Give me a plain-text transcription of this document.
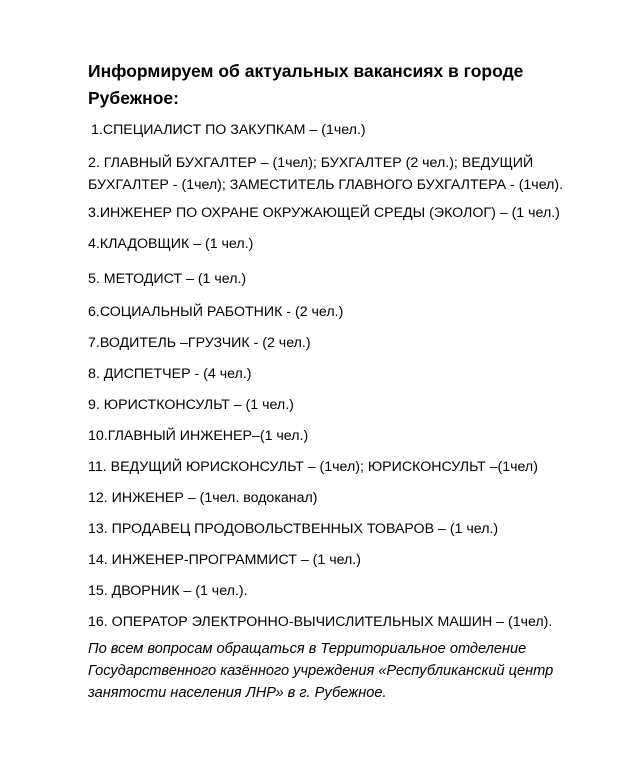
Информируем об актуальных вакансиях в городе Рубежное:
1.СПЕЦИАЛИСТ ПО ЗАКУПКАМ – (1чел.)
2. ГЛАВНЫЙ БУХГАЛТЕР – (1чел); БУХГАЛТЕР (2 чел.); ВЕДУЩИЙ БУХГАЛТЕР - (1чел); ЗАМЕСТИТЕЛЬ ГЛАВНОГО БУХГАЛТЕРА - (1чел).
3.ИНЖЕНЕР ПО ОХРАНЕ ОКРУЖАЮЩЕЙ СРЕДЫ (ЭКОЛОГ) – (1 чел.)
4.КЛАДОВЩИК – (1 чел.)
5. МЕТОДИСТ – (1 чел.)
6.СОЦИАЛЬНЫЙ РАБОТНИК - (2 чел.)
7.ВОДИТЕЛЬ –ГРУЗЧИК - (2 чел.)
8. ДИСПЕТЧЕР - (4 чел.)
9. ЮРИСТКОНСУЛЬТ – (1 чел.)
10.ГЛАВНЫЙ ИНЖЕНЕР–(1 чел.)
11. ВЕДУЩИЙ ЮРИСКОНСУЛЬТ – (1чел); ЮРИСКОНСУЛЬТ –(1чел)
12. ИНЖЕНЕР – (1чел. водоканал)
13. ПРОДАВЕЦ ПРОДОВОЛЬСТВЕННЫХ ТОВАРОВ – (1 чел.)
14. ИНЖЕНЕР-ПРОГРАММИСТ – (1 чел.)
15. ДВОРНИК – (1 чел.).
16. ОПЕРАТОР ЭЛЕКТРОННО-ВЫЧИСЛИТЕЛЬНЫХ МАШИН – (1чел).
По всем вопросам обращаться в Территориальное отделение Государственного казённого учреждения «Республиканский центр занятости населения ЛНР» в г. Рубежное.
